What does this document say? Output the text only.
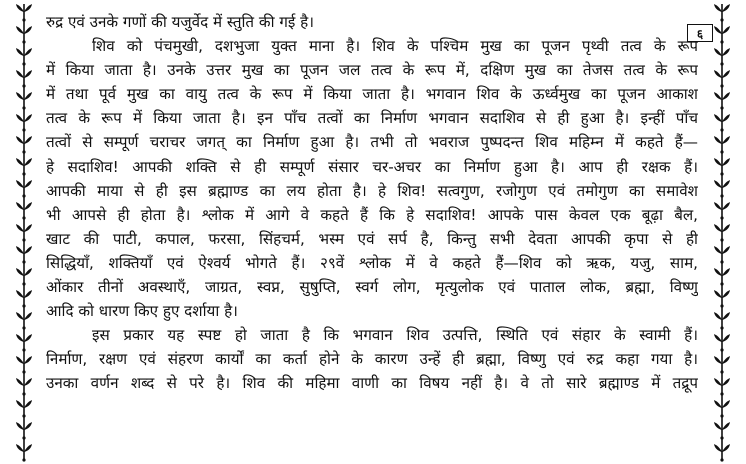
६
रुद्र एवं उनके गणों की यजुर्वेद में स्तुति की गई है।
शिव को पंचमुखी, दशभुजा युक्त माना है। शिव के पश्चिम मुख का पूजन पृथ्वी तत्व के रूप
में किया जाता है। उनके उत्तर मुख का पूजन जल तत्व के रूप में, दक्षिण मुख का तेजस तत्व के रूप
में तथा पूर्व मुख का वायु तत्व के रूप में किया जाता है। भगवान शिव के ऊर्ध्वमुख का पूजन आकाश
तत्व के रूप में किया जाता है। इन पाँच तत्वों का निर्माण भगवान सदाशिव से ही हुआ है। इन्हीं पाँच
तत्वों से सम्पूर्ण चराचर जगत् का निर्माण हुआ है। तभी तो भवराज पुष्पदन्त शिव महिम्न में कहते हैं—
हे सदाशिव! आपकी शक्ति से ही सम्पूर्ण संसार चर-अचर का निर्माण हुआ है। आप ही रक्षक हैं।
आपकी माया से ही इस ब्रह्माण्ड का लय होता है। हे शिव! सत्वगुण, रजोगुण एवं तमोगुण का समावेश
भी आपसे ही होता है। श्लोक में आगे वे कहते हैं कि हे सदाशिव! आपके पास केवल एक बूढ़ा बैल,
खाट की पाटी, कपाल, फरसा, सिंहचर्म, भस्म एवं सर्प है, किन्तु सभी देवता आपकी कृपा से ही
सिद्धियाँ, शक्तियाँ एवं ऐश्वर्य भोगते हैं। २९वें श्लोक में वे कहते हैं—शिव को ऋक, यजु, साम,
ओंकार तीनों अवस्थाएँ, जाग्रत, स्वप्न, सुषुप्ति, स्वर्ग लोग, मृत्युलोक एवं पाताल लोक, ब्रह्मा, विष्णु
आदि को धारण किए हुए दर्शाया है।
इस प्रकार यह स्पष्ट हो जाता है कि भगवान शिव उत्पत्ति, स्थिति एवं संहार के स्वामी हैं।
निर्माण, रक्षण एवं संहरण कार्यों का कर्ता होने के कारण उन्हें ही ब्रह्मा, विष्णु एवं रुद्र कहा गया है।
उनका वर्णन शब्द से परे है। शिव की महिमा वाणी का विषय नहीं है। वे तो सारे ब्रह्माण्ड में तद्रूप
